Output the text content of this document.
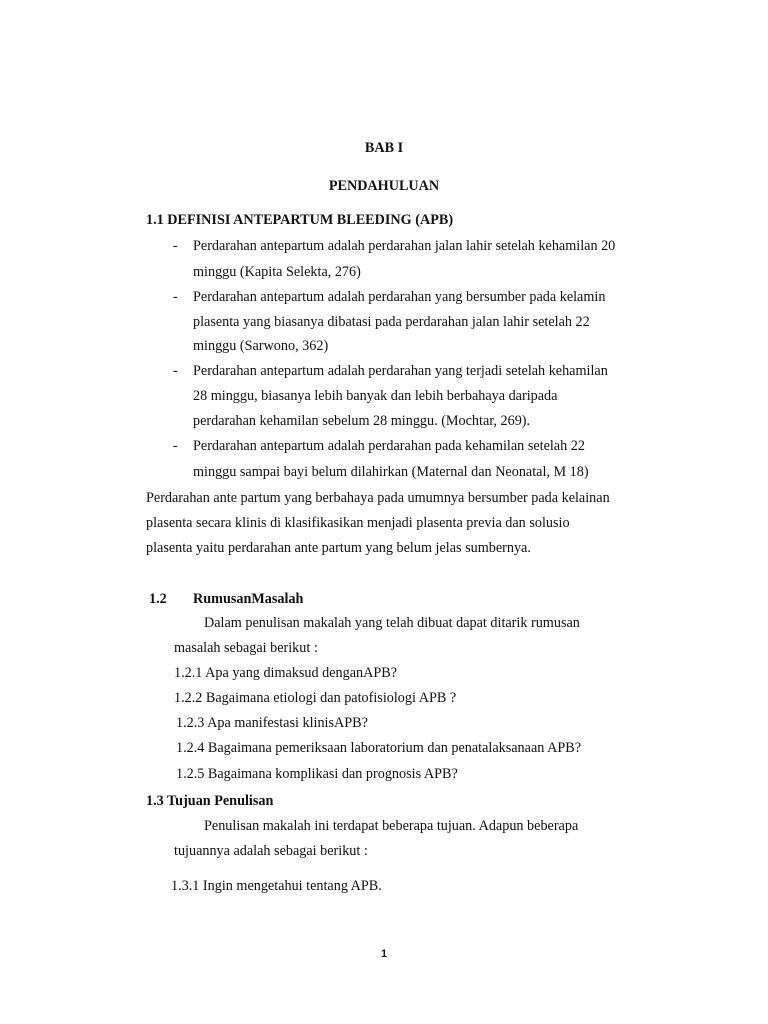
BAB I
PENDAHULUAN
1.1 DEFINISI ANTEPARTUM BLEEDING (APB)
- Perdarahan antepartum adalah perdarahan jalan lahir setelah kehamilan 20
minggu (Kapita Selekta, 276)
- Perdarahan antepartum adalah perdarahan yang bersumber pada kelamin
plasenta yang biasanya dibatasi pada perdarahan jalan lahir setelah 22
minggu (Sarwono, 362)
- Perdarahan antepartum adalah perdarahan yang terjadi setelah kehamilan
28 minggu, biasanya lebih banyak dan lebih berbahaya daripada
perdarahan kehamilan sebelum 28 minggu. (Mochtar, 269).
- Perdarahan antepartum adalah perdarahan pada kehamilan setelah 22
minggu sampai bayi belum dilahirkan (Maternal dan Neonatal, M 18)
Perdarahan ante partum yang berbahaya pada umumnya bersumber pada kelainan
plasenta secara klinis di klasifikasikan menjadi plasenta previa dan solusio
plasenta yaitu perdarahan ante partum yang belum jelas sumbernya.
1.2 RumusanMasalah
Dalam penulisan makalah yang telah dibuat dapat ditarik rumusan
masalah sebagai berikut :
1.2.1 Apa yang dimaksud denganAPB?
1.2.2 Bagaimana etiologi dan patofisiologi APB ?
1.2.3 Apa manifestasi klinisAPB?
1.2.4 Bagaimana pemeriksaan laboratorium dan penatalaksanaan APB?
1.2.5 Bagaimana komplikasi dan prognosis APB?
1.3 Tujuan Penulisan
Penulisan makalah ini terdapat beberapa tujuan. Adapun beberapa
tujuannya adalah sebagai berikut :
1.3.1 Ingin mengetahui tentang APB.
1
